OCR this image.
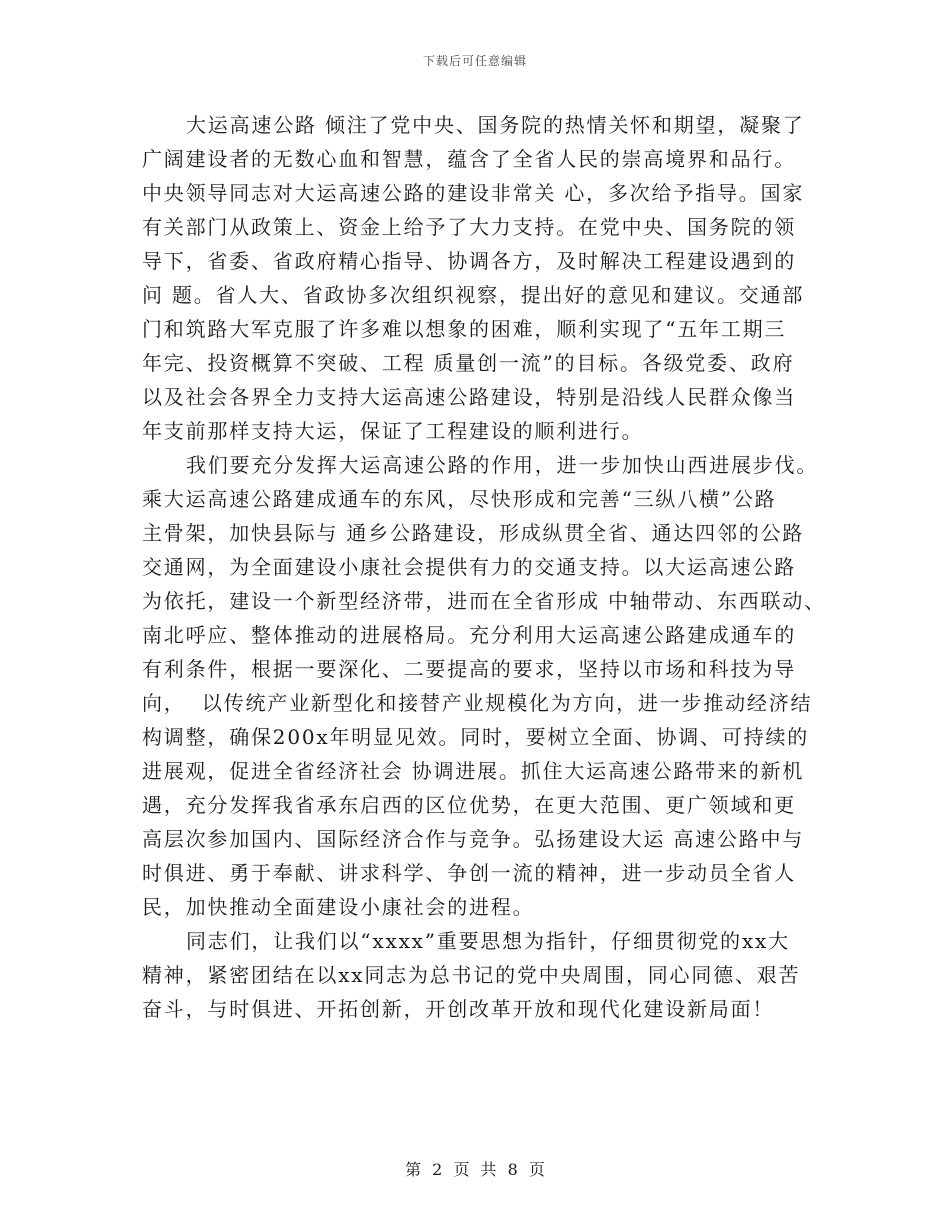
下载后可任意编辑
大运高速公路 倾注了党中央、国务院的热情关怀和期望，凝聚了
广阔建设者的无数心血和智慧，蕴含了全省人民的崇高境界和品行。
中央领导同志对大运高速公路的建设非常关 心，多次给予指导。国家
有关部门从政策上、资金上给予了大力支持。在党中央、国务院的领
导下，省委、省政府精心指导、协调各方，及时解决工程建设遇到的
问 题。省人大、省政协多次组织视察，提出好的意见和建议。交通部
门和筑路大军克服了许多难以想象的困难，顺利实现了“五年工期三
年完、投资概算不突破、工程 质量创一流”的目标。各级党委、政府
以及社会各界全力支持大运高速公路建设，特别是沿线人民群众像当
年支前那样支持大运，保证了工程建设的顺利进行。
我们要充分发挥大运高速公路的作用，进一步加快山西进展步伐。
乘大运高速公路建成通车的东风，尽快形成和完善“三纵八横”公路
主骨架，加快县际与 通乡公路建设，形成纵贯全省、通达四邻的公路
交通网，为全面建设小康社会提供有力的交通支持。以大运高速公路
为依托，建设一个新型经济带，进而在全省形成 中轴带动、东西联动、
南北呼应、整体推动的进展格局。充分利用大运高速公路建成通车的
有利条件，根据一要深化、二要提高的要求，坚持以市场和科技为导
向，  以传统产业新型化和接替产业规模化为方向，进一步推动经济结
构调整，确保200x年明显见效。同时，要树立全面、协调、可持续的
进展观，促进全省经济社会 协调进展。抓住大运高速公路带来的新机
遇，充分发挥我省承东启西的区位优势，在更大范围、更广领域和更
高层次参加国内、国际经济合作与竞争。弘扬建设大运 高速公路中与
时俱进、勇于奉献、讲求科学、争创一流的精神，进一步动员全省人
民，加快推动全面建设小康社会的进程。
同志们，让我们以“xxxx”重要思想为指针，仔细贯彻党的xx大
精神，紧密团结在以xx同志为总书记的党中央周围，同心同德、艰苦
奋斗，与时俱进、开拓创新，开创改革开放和现代化建设新局面！
第 2 页 共 8 页
